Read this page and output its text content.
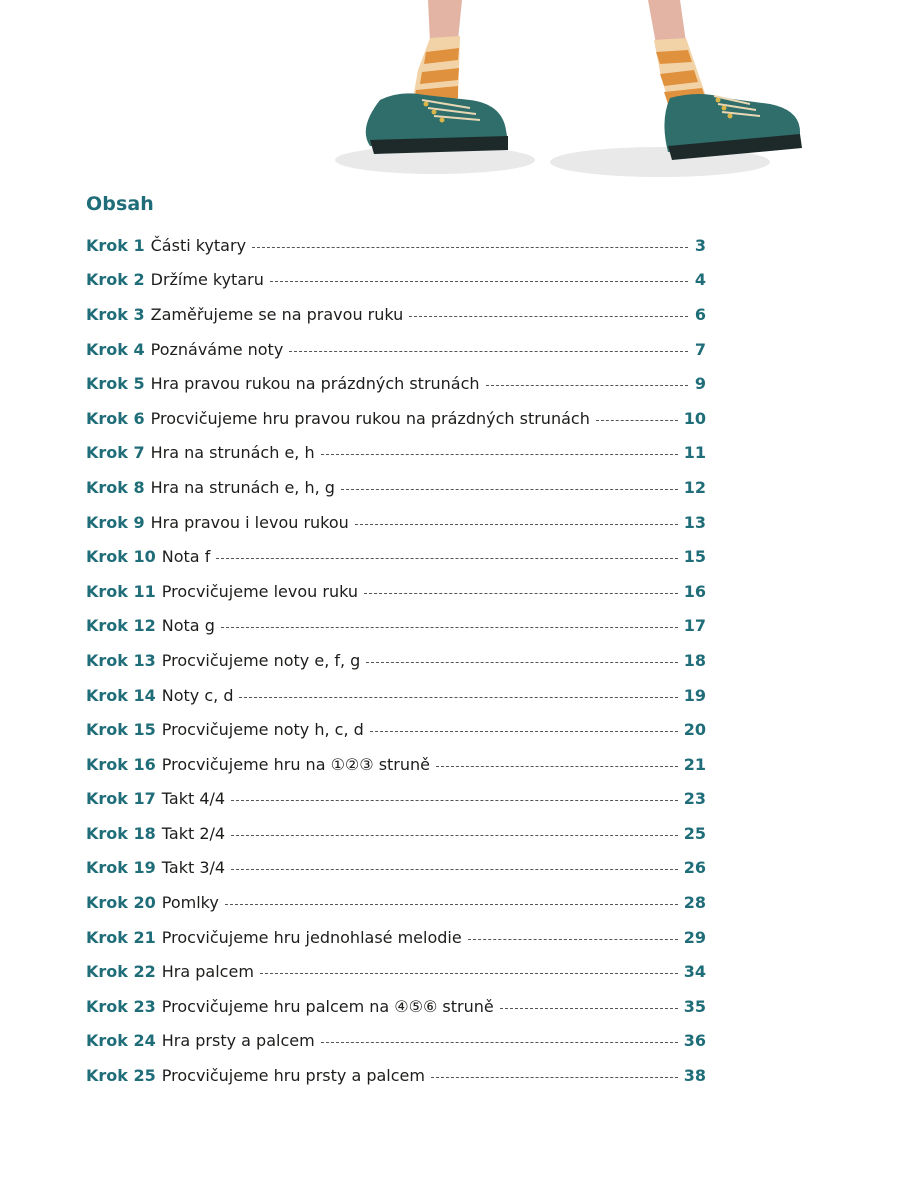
Obsah
Krok 1 Části kytary	3
Krok 2 Držíme kytaru	4
Krok 3 Zaměřujeme se na pravou ruku	6
Krok 4 Poznáváme noty	7
Krok 5 Hra pravou rukou na prázdných strunách	9
Krok 6 Procvičujeme hru pravou rukou na prázdných strunách	10
Krok 7 Hra na strunách e, h	11
Krok 8 Hra na strunách e, h, g	12
Krok 9 Hra pravou i levou rukou	13
Krok 10 Nota f	15
Krok 11 Procvičujeme levou ruku	16
Krok 12 Nota g	17
Krok 13 Procvičujeme noty e, f, g	18
Krok 14 Noty c, d	19
Krok 15 Procvičujeme noty h, c, d	20
Krok 16 Procvičujeme hru na ①②③ struně	21
Krok 17 Takt 4/4	23
Krok 18 Takt 2/4	25
Krok 19 Takt 3/4	26
Krok 20 Pomlky	28
Krok 21 Procvičujeme hru jednohlasé melodie	29
Krok 22 Hra palcem	34
Krok 23 Procvičujeme hru palcem na ④⑤⑥ struně	35
Krok 24 Hra prsty a palcem	36
Krok 25 Procvičujeme hru prsty a palcem	38
